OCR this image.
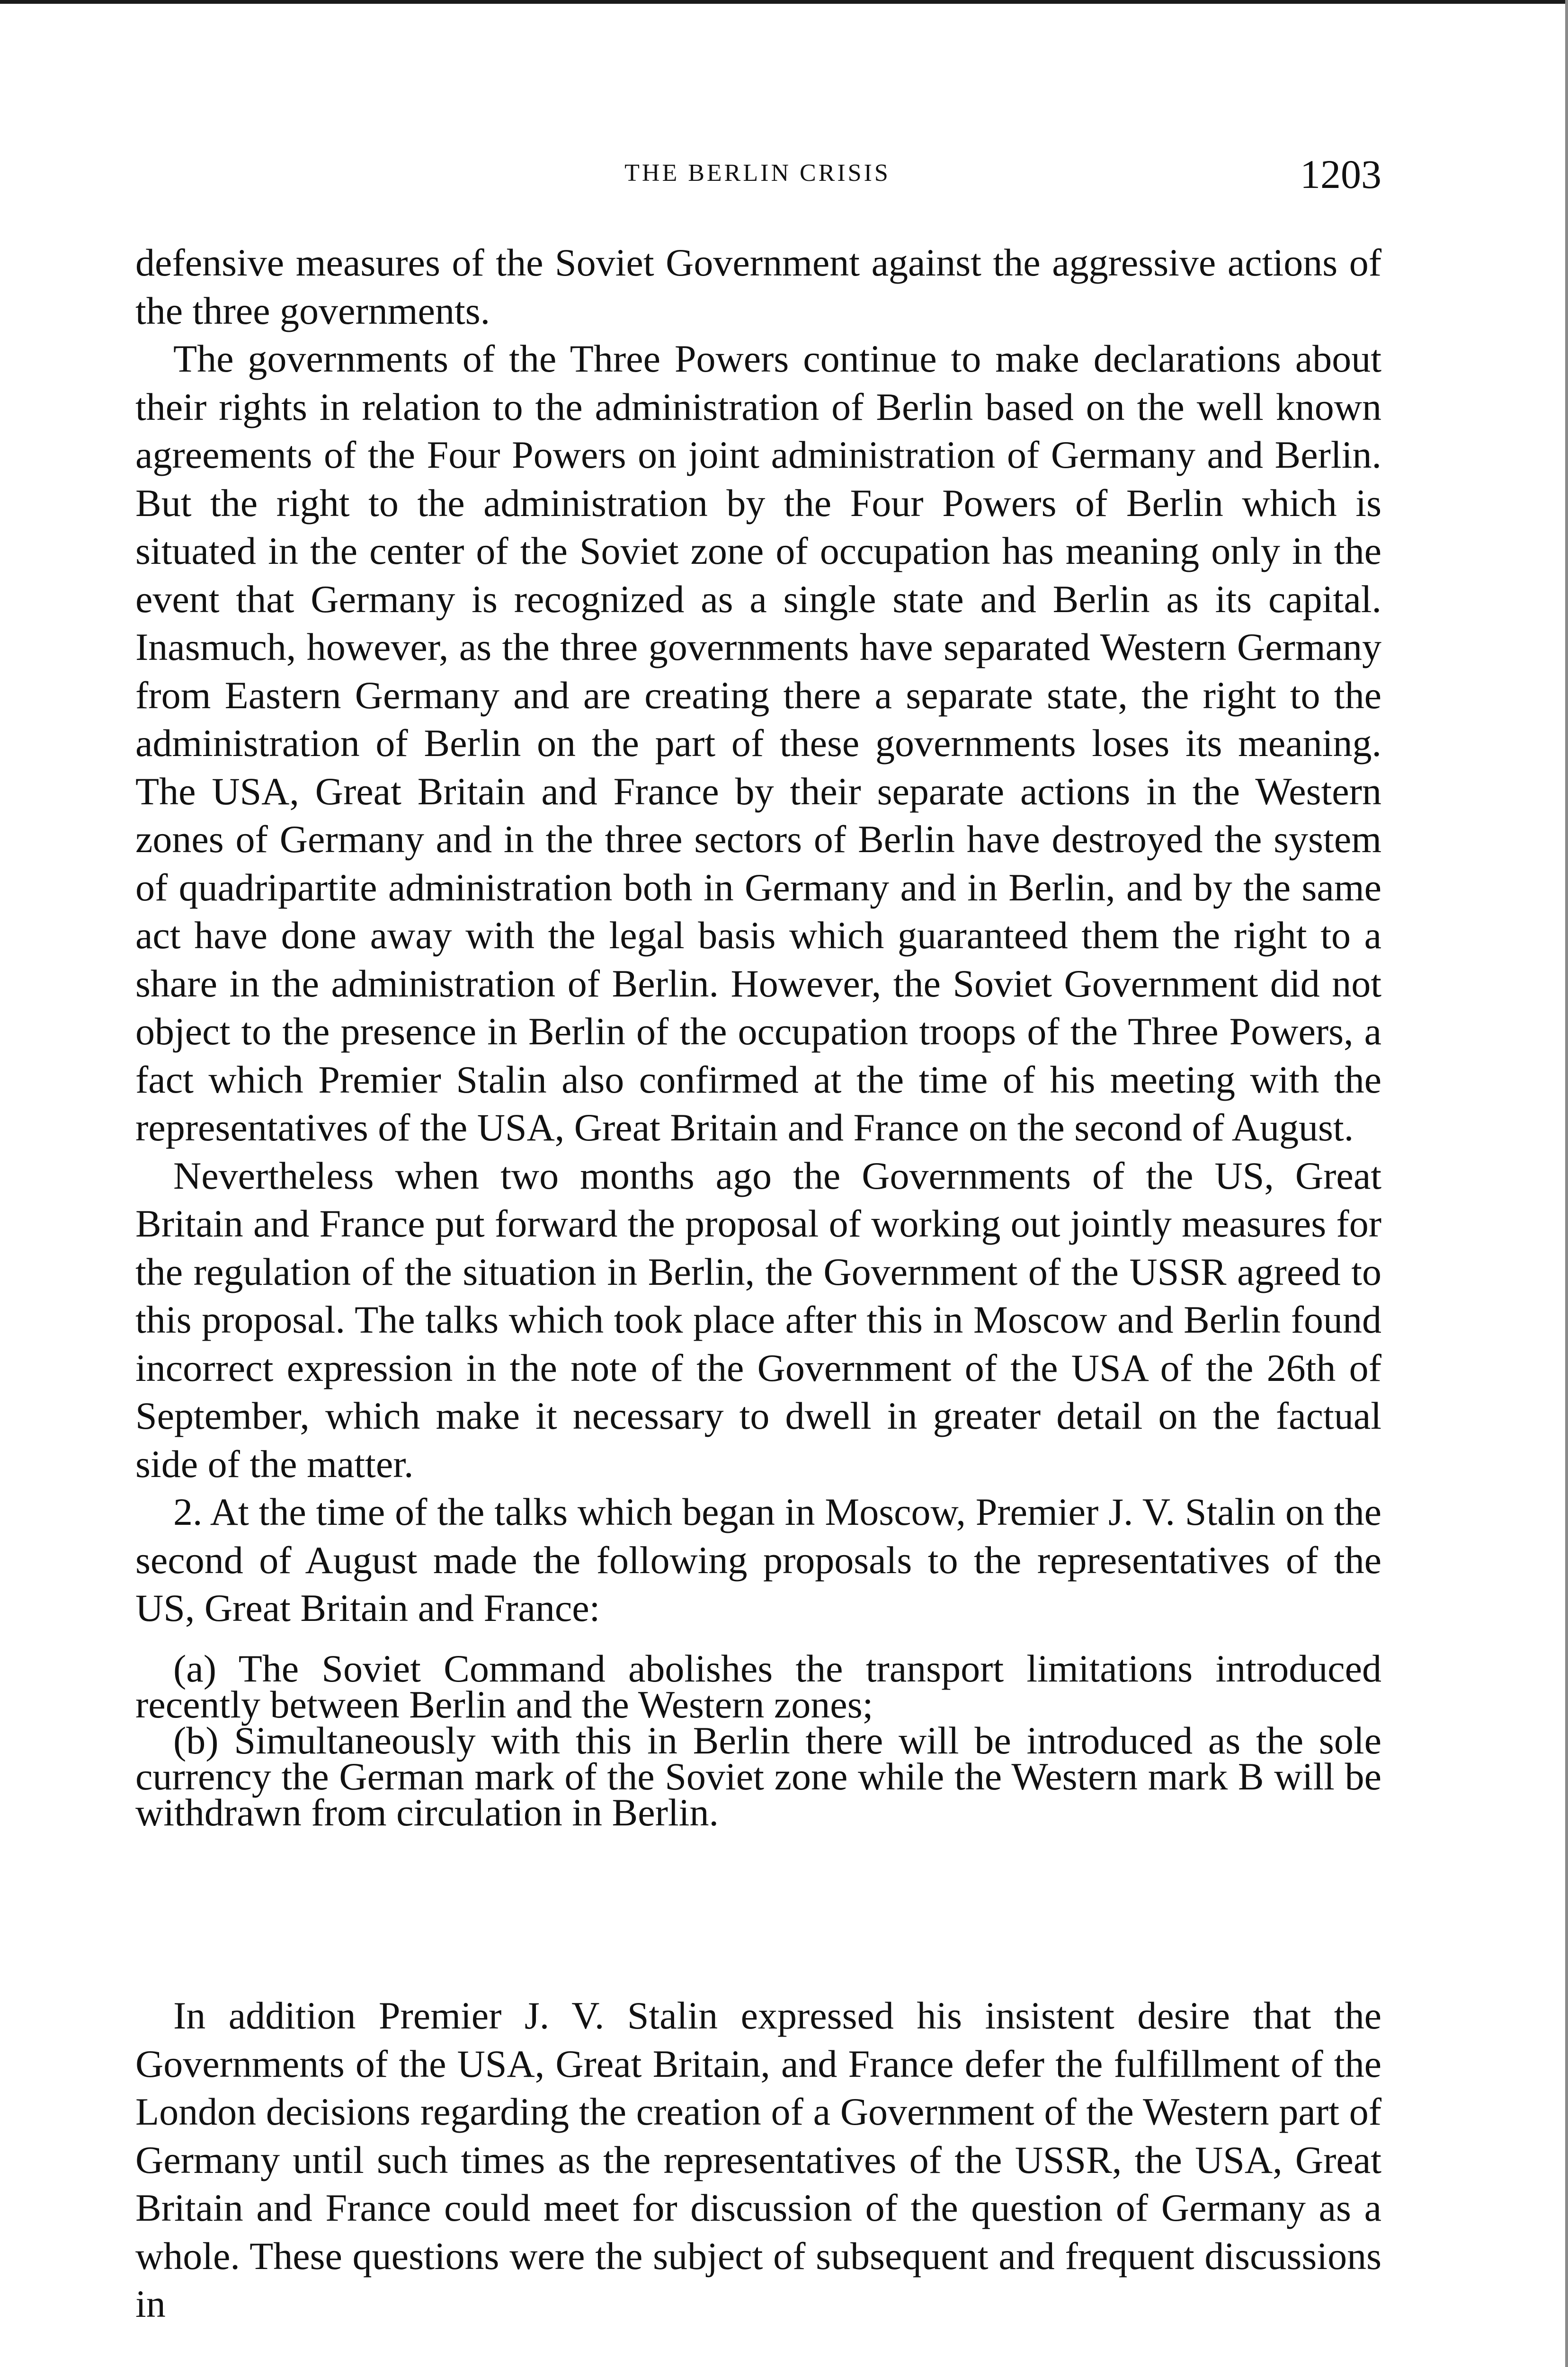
THE BERLIN CRISIS	1203

defensive measures of the Soviet Government against the aggressive actions of the three governments.

The governments of the Three Powers continue to make declarations about their rights in relation to the administration of Berlin based on the well known agreements of the Four Powers on joint administration of Germany and Berlin. But the right to the administration by the Four Powers of Berlin which is situated in the center of the Soviet zone of occupation has meaning only in the event that Germany is recognized as a single state and Berlin as its capital. Inasmuch, however, as the three governments have separated Western Germany from Eastern Germany and are creating there a separate state, the right to the administration of Berlin on the part of these governments loses its meaning. The USA, Great Britain and France by their separate actions in the Western zones of Germany and in the three sectors of Berlin have destroyed the system of quadripartite administration both in Germany and in Berlin, and by the same act have done away with the legal basis which guaranteed them the right to a share in the administration of Berlin. However, the Soviet Government did not object to the presence in Berlin of the occupation troops of the Three Powers, a fact which Premier Stalin also confirmed at the time of his meeting with the representatives of the USA, Great Britain and France on the second of August.

Nevertheless when two months ago the Governments of the US, Great Britain and France put forward the proposal of working out jointly measures for the regulation of the situation in Berlin, the Government of the USSR agreed to this proposal. The talks which took place after this in Moscow and Berlin found incorrect expression in the note of the Government of the USA of the 26th of September, which make it necessary to dwell in greater detail on the factual side of the matter.

2. At the time of the talks which began in Moscow, Premier J. V. Stalin on the second of August made the following proposals to the representatives of the US, Great Britain and France:

(a) The Soviet Command abolishes the transport limitations introduced recently between Berlin and the Western zones;

(b) Simultaneously with this in Berlin there will be introduced as the sole currency the German mark of the Soviet zone while the Western mark B will be withdrawn from circulation in Berlin.

In addition Premier J. V. Stalin expressed his insistent desire that the Governments of the USA, Great Britain, and France defer the fulfillment of the London decisions regarding the creation of a Government of the Western part of Germany until such times as the representatives of the USSR, the USA, Great Britain and France could meet for discussion of the question of Germany as a whole. These questions were the subject of subsequent and frequent discussions in
